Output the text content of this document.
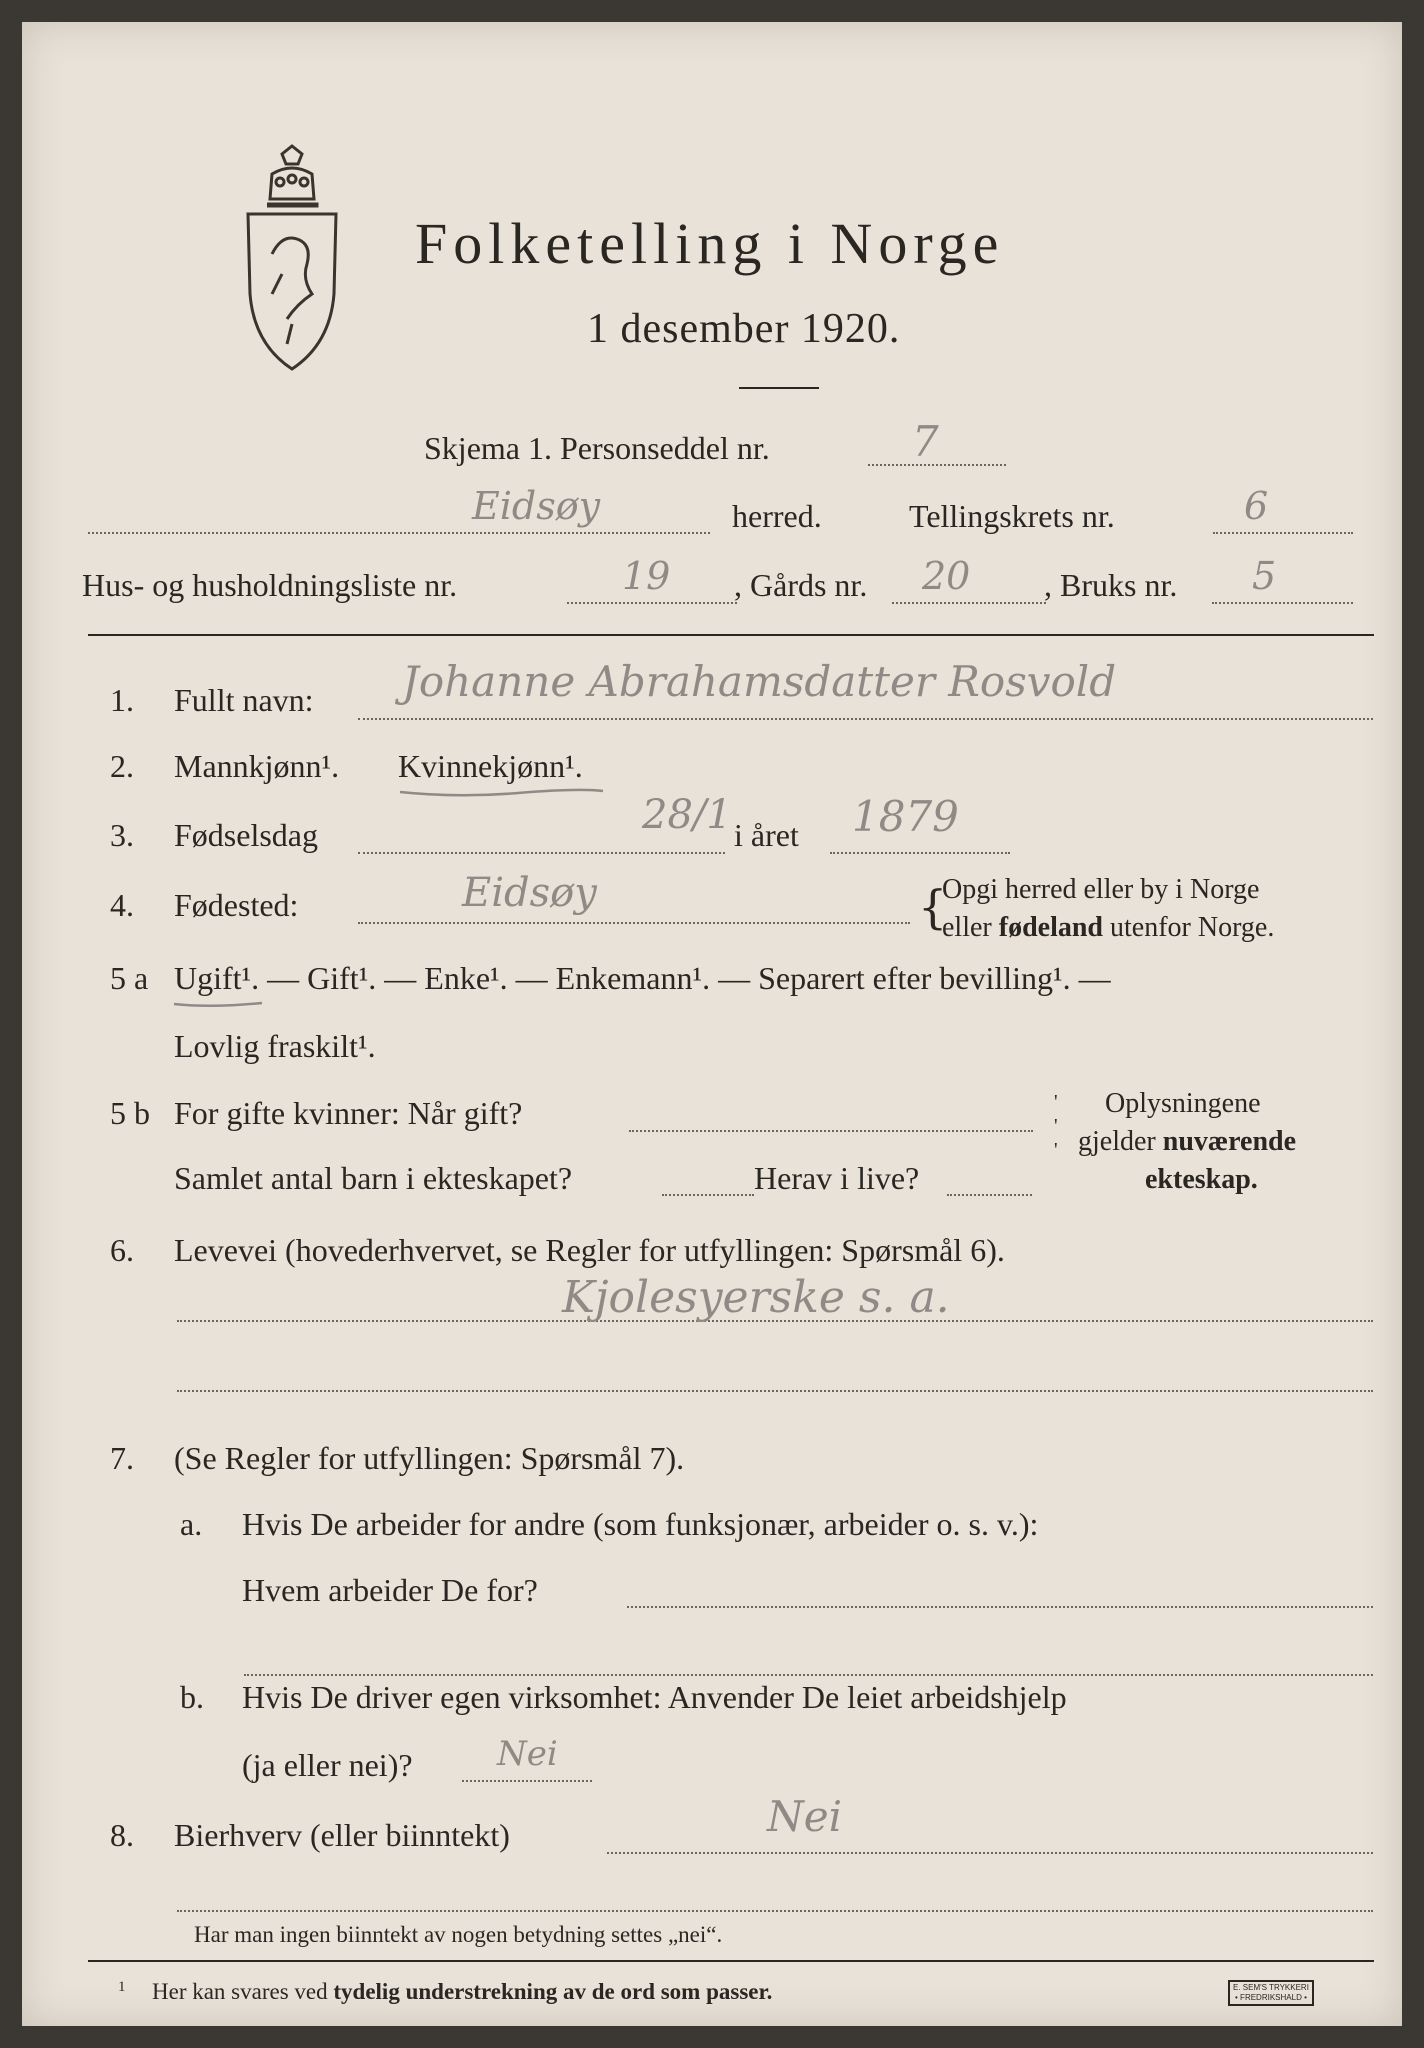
Folketelling i Norge
1 desember 1920.
Skjema 1. Personseddel nr.	7
Eidsøy	herred.	Tellingskrets nr.	6
Hus- og husholdningsliste nr.	19 , Gårds nr. 20 , Bruks nr. 5
1. Fullt navn: Johanne Abrahamsdatter Rosvold
2. Mannkjønn¹. Kvinnekjønn¹.
3. Fødselsdag	28/1 i året 1879
4. Fødested:	Eidsøy	{
Opgi herred eller by i Norge
eller fødeland utenfor Norge.
5 a Ugift¹. — Gift¹. — Enke¹. — Enkemann¹. — Separert efter bevilling¹. —
Lovlig fraskilt¹.
5 b For gifte kvinner: Når gift?
Samlet antal barn i ekteskapet?	Herav i live?
'
'
'
Oplysningene
gjelder nuværende
ekteskap.
6. Levevei (hovederhvervet, se Regler for utfyllingen: Spørsmål 6).
Kjolesyerske s. a.
7. (Se Regler for utfyllingen: Spørsmål 7).
a. Hvis De arbeider for andre (som funksjonær, arbeider o. s. v.):
Hvem arbeider De for?
b. Hvis De driver egen virksomhet: Anvender De leiet arbeidshjelp
(ja eller nei)? Nei
8. Bierhverv (eller biinntekt)	Nei
Har man ingen biinntekt av nogen betydning settes „nei“.
1 Her kan svares ved tydelig understrekning av de ord som passer.	E. SEM'S TRYKKERI
• FREDRIKSHALD •
